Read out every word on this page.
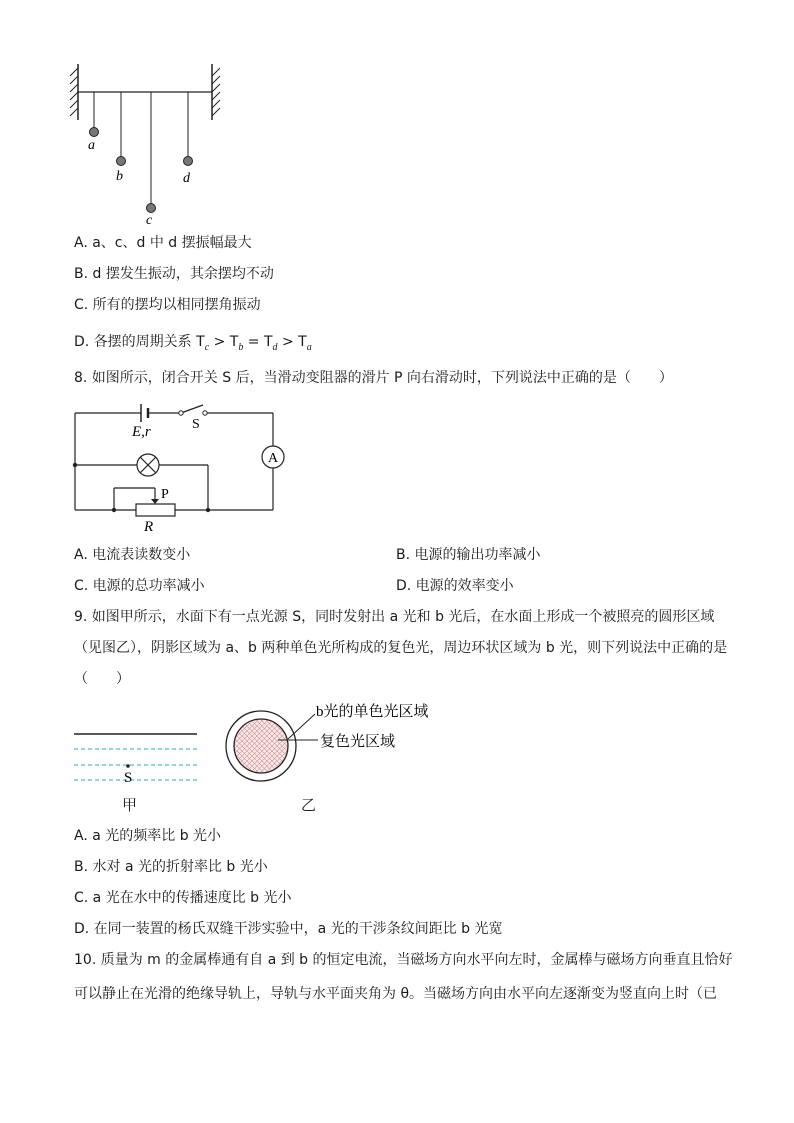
a
b
c
d
A. a、c、d 中 d 摆振幅最大
B. d 摆发生振动，其余摆均不动
C. 所有的摆均以相同摆角振动
D. 各摆的周期关系 $T_c > T_b = T_d > T_a$
8. 如图所示，闭合开关 S 后，当滑动变阻器的滑片 P 向右滑动时，下列说法中正确的是（　　）
A
E,r	S
P
R
A. 电流表读数变小	B. 电源的输出功率减小
C. 电源的总功率减小	D. 电源的效率变小
9. 如图甲所示，水面下有一点光源 S，同时发射出 a 光和 b 光后，在水面上形成一个被照亮的圆形区域
（见图乙），阴影区域为 a、b 两种单色光所构成的复色光，周边环状区域为 b 光，则下列说法中正确的是
（　　）
S
甲
b光的单色光区域
复色光区域
乙
A. a 光的频率比 b 光小
B. 水对 a 光的折射率比 b 光小
C. a 光在水中的传播速度比 b 光小
D. 在同一装置的杨氏双缝干涉实验中，a 光的干涉条纹间距比 b 光宽
10. 质量为 m 的金属棒通有自 a 到 b 的恒定电流，当磁场方向水平向左时，金属棒与磁场方向垂直且恰好
可以静止在光滑的绝缘导轨上，导轨与水平面夹角为 θ。当磁场方向由水平向左逐渐变为竖直向上时（已
